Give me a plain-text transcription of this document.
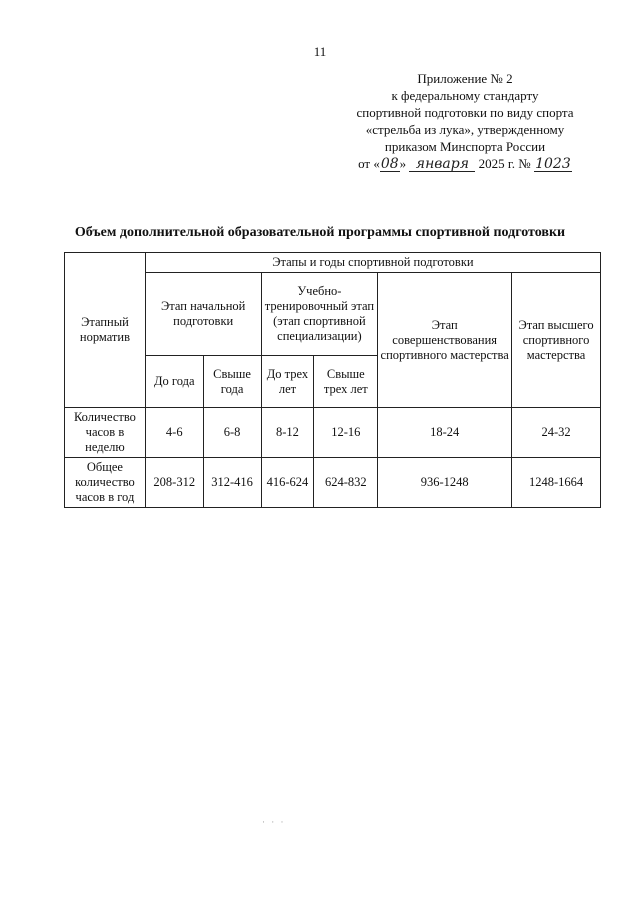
11
Приложение № 2
к федеральному стандарту
спортивной подготовки по виду спорта
«стрельба из лука», утвержденному
приказом Минспорта России
от «08» января 2025 г. № 1023
Объем дополнительной образовательной программы спортивной подготовки
Этапный норматив	Этапы и годы спортивной подготовки					
	Этап начальной подготовки		Учебно-тренировочный этап (этап спортивной специализации)		Этап совершенствования спортивного мастерства	Этап высшего спортивного мастерства
	До года	Свыше года	До трех лет	Свыше трех лет		
Количество часов в неделю	4-6	6-8	8-12	12-16	18-24	24-32
Общее количество часов в год	208-312	312-416	416-624	624-832	936-1248	1248-1664
· · ·
